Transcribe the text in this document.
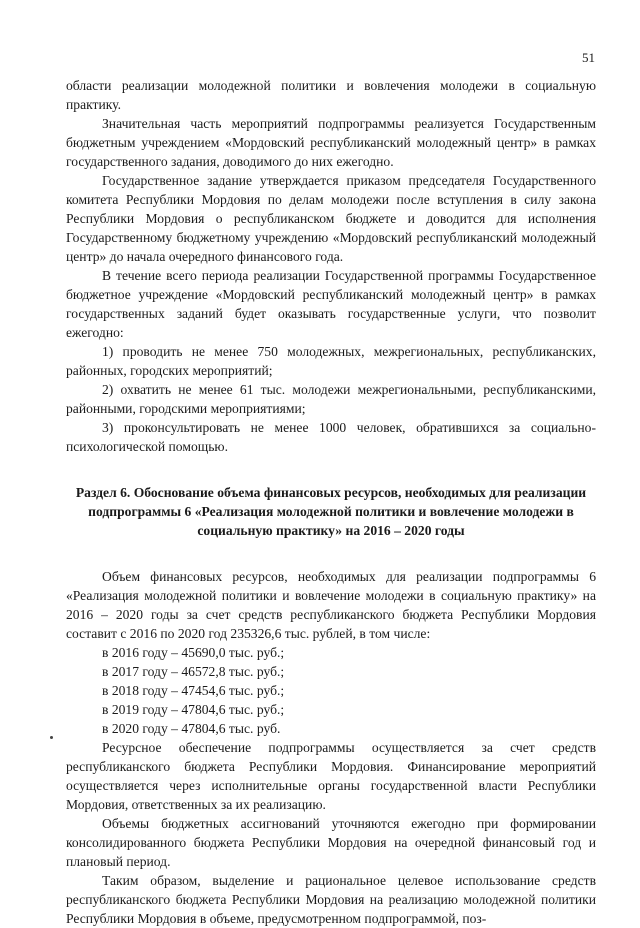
51

области реализации молодежной политики и вовлечения молодежи в социальную практику.

Значительная часть мероприятий подпрограммы реализуется Государственным бюджетным учреждением «Мордовский республиканский молодежный центр» в рамках государственного задания, доводимого до них ежегодно.

Государственное задание утверждается приказом председателя Государственного комитета Республики Мордовия по делам молодежи после вступления в силу закона Республики Мордовия о республиканском бюджете и доводится для исполнения Государственному бюджетному учреждению «Мордовский республиканский молодежный центр» до начала очередного финансового года.

В течение всего периода реализации Государственной программы Государственное бюджетное учреждение «Мордовский республиканский молодежный центр» в рамках государственных заданий будет оказывать государственные услуги, что позволит ежегодно:

1) проводить не менее 750 молодежных, межрегиональных, республиканских, районных, городских мероприятий;

2) охватить не менее 61 тыс. молодежи межрегиональными, республиканскими, районными, городскими мероприятиями;

3) проконсультировать не менее 1000 человек, обратившихся за социально-психологической помощью.

Раздел 6. Обоснование объема финансовых ресурсов, необходимых для реализации подпрограммы 6 «Реализация молодежной политики и вовлечение молодежи в социальную практику» на 2016 – 2020 годы

Объем финансовых ресурсов, необходимых для реализации подпрограммы 6 «Реализация молодежной политики и вовлечение молодежи в социальную практику» на 2016 – 2020 годы за счет средств республиканского бюджета Республики Мордовия составит с 2016 по 2020 год 235326,6 тыс. рублей, в том числе:

в 2016 году – 45690,0 тыс. руб.;

в 2017 году – 46572,8 тыс. руб.;

в 2018 году – 47454,6 тыс. руб.;

в 2019 году – 47804,6 тыс. руб.;

в 2020 году – 47804,6 тыс. руб.

Ресурсное обеспечение подпрограммы осуществляется за счет средств республиканского бюджета Республики Мордовия. Финансирование мероприятий осуществляется через исполнительные органы государственной власти Республики Мордовия, ответственных за их реализацию.

Объемы бюджетных ассигнований уточняются ежегодно при формировании консолидированного бюджета Республики Мордовия на очередной финансовый год и плановый период.

Таким образом, выделение и рациональное целевое использование средств республиканского бюджета Республики Мордовия на реализацию молодежной политики Республики Мордовия в объеме, предусмотренном подпрограммой, поз-
